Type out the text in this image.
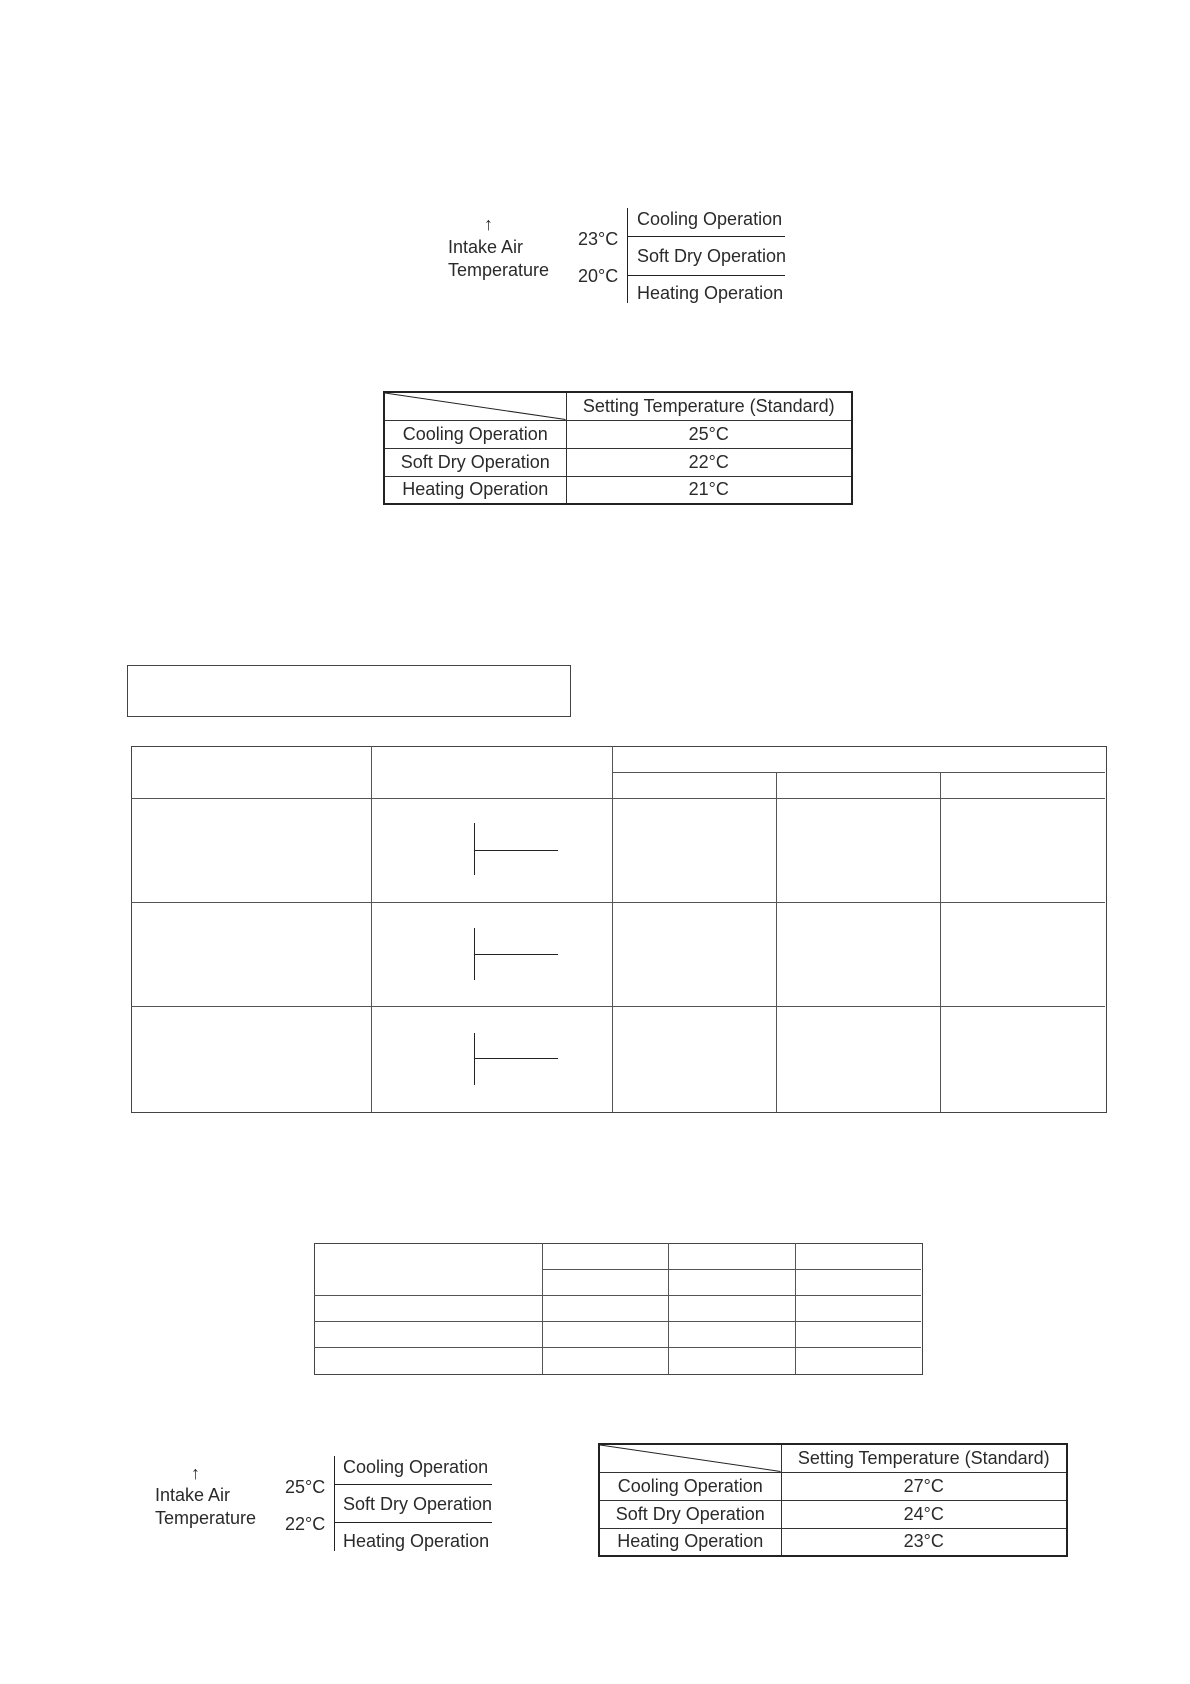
↑
Intake Air
Temperature
23°C
20°C
Cooling Operation
Soft Dry Operation
Heating Operation
	Setting Temperature (Standard)
Cooling Operation	25°C
Soft Dry Operation	22°C
Heating Operation	21°C
↑
Intake Air
Temperature
25°C
22°C
Cooling Operation
Soft Dry Operation
Heating Operation
	Setting Temperature (Standard)
Cooling Operation	27°C
Soft Dry Operation	24°C
Heating Operation	23°C
